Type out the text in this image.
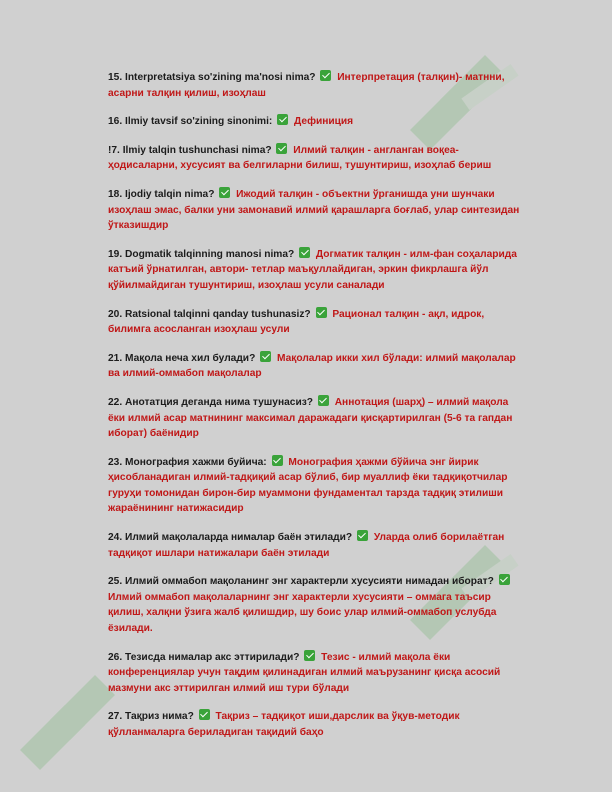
15. Interpretatsiya so'zining ma'nosi nima? Интерпретация (талқин)- матнни, асарни талқин қилиш, изоҳлаш

16. Ilmiy tavsif so'zining sinonimi: Дефиниция

!7. Ilmiy talqin tushunchasi nima? Илмий талқин - англанган воқеа-ҳодисаларни, хусусият ва белгиларни билиш, тушунтириш, изоҳлаб бериш

18. Ijodiy talqin nima? Ижодий талқин - объектни ўрганишда уни шунчаки изоҳлаш эмас, балки уни замонавий илмий қарашларга боғлаб, улар синтезидан ўтказишдир

19. Dogmatik talqinning manosi nima? Догматик талқин - илм-фан соҳаларида катъий ўрнатилган, автори- тетлар маъқуллайдиган, эркин фикрлашга йўл қўйилмайдиган тушунтириш, изоҳлаш усули саналади

20. Ratsional talqinni qanday tushunasiz? Рационал талқин - ақл, идрок, билимга асосланган изоҳлаш усули

21. Мақола неча хил булади? Мақолалар икки хил бўлади: илмий мақолалар ва илмий-оммабоп мақолалар

22. Анотатция деганда нима тушунасиз? Аннотация (шарҳ) – илмий мақола ёки илмий асар матнининг максимал даражадаги қисқартирилган (5-6 та гапдан иборат) баёнидир

23. Монография хажми буйича: Монография ҳажми бўйича энг йирик ҳисобланадиган илмий-тадқиқий асар бўлиб, бир муаллиф ёки тадқиқотчилар гуруҳи томонидан бирон-бир муаммони фундаментал тарзда тадқиқ этилиши жараёнининг натижасидир

24. Илмий мақолаларда нималар баён этилади? Уларда олиб борилаётган тадқиқот ишлари натижалари баён этилади

25. Илмий оммабоп мақоланинг энг характерли хусусияти нимадан иборат?  Илмий оммабоп мақолаларнинг энг характерли хусусияти – оммага таъсир қилиш, халқни ўзига жалб қилишдир, шу боис улар илмий-оммабоп услубда ёзилади.

26. Тезисда нималар акс эттирилади? Тезис - илмий мақола ёки конференциялар учун тақдим қилинадиган илмий маърузанинг қисқа асосий мазмуни акс эттирилган илмий иш тури бўлади

27. Тақриз нима? Тақриз – тадқиқот иши,дарслик ва ўқув-методик қўлланмаларга бериладиган тақидий баҳо
